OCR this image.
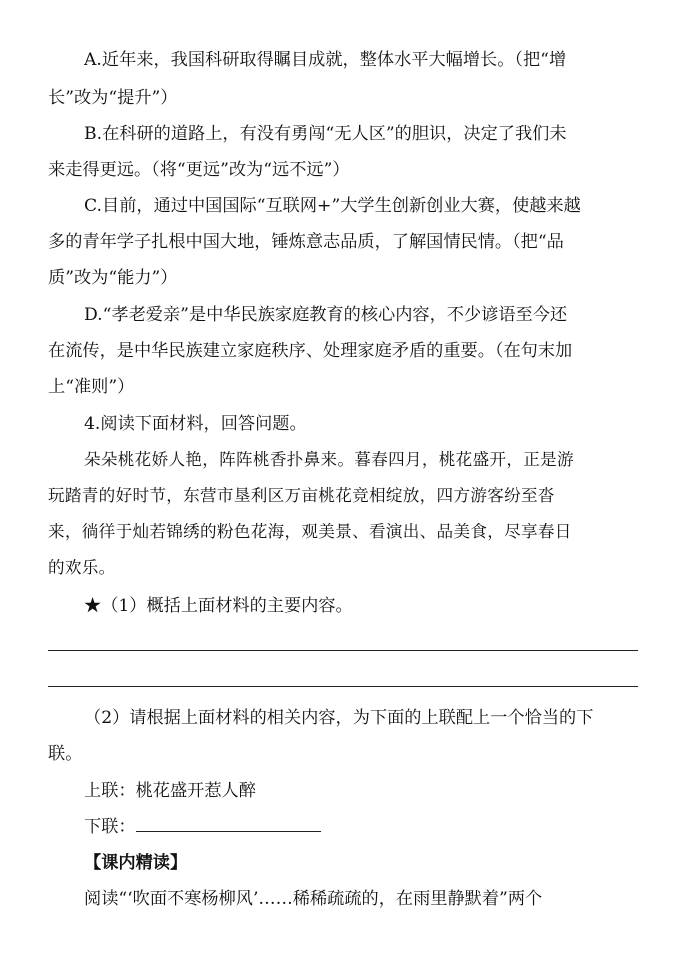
A.近年来，我国科研取得瞩目成就，整体水平大幅增长。（把“增
长”改为“提升”）
B.在科研的道路上，有没有勇闯“无人区”的胆识，决定了我们未
来走得更远。（将“更远”改为“远不远”）
C.目前，通过中国国际“互联网+”大学生创新创业大赛，使越来越
多的青年学子扎根中国大地，锤炼意志品质，了解国情民情。（把“品
质”改为“能力”）
D.“孝老爱亲”是中华民族家庭教育的核心内容，不少谚语至今还
在流传，是中华民族建立家庭秩序、处理家庭矛盾的重要。（在句末加
上“准则”）
4.阅读下面材料，回答问题。
朵朵桃花娇人艳，阵阵桃香扑鼻来。暮春四月，桃花盛开，正是游
玩踏青的好时节，东营市垦利区万亩桃花竞相绽放，四方游客纷至沓
来，徜徉于灿若锦绣的粉色花海，观美景、看演出、品美食，尽享春日
的欢乐。
★（1）概括上面材料的主要内容。
（2）请根据上面材料的相关内容，为下面的上联配上一个恰当的下
联。
上联：桃花盛开惹人醉
下联：
【课内精读】
阅读“‘吹面不寒杨柳风’……稀稀疏疏的，在雨里静默着”两个
